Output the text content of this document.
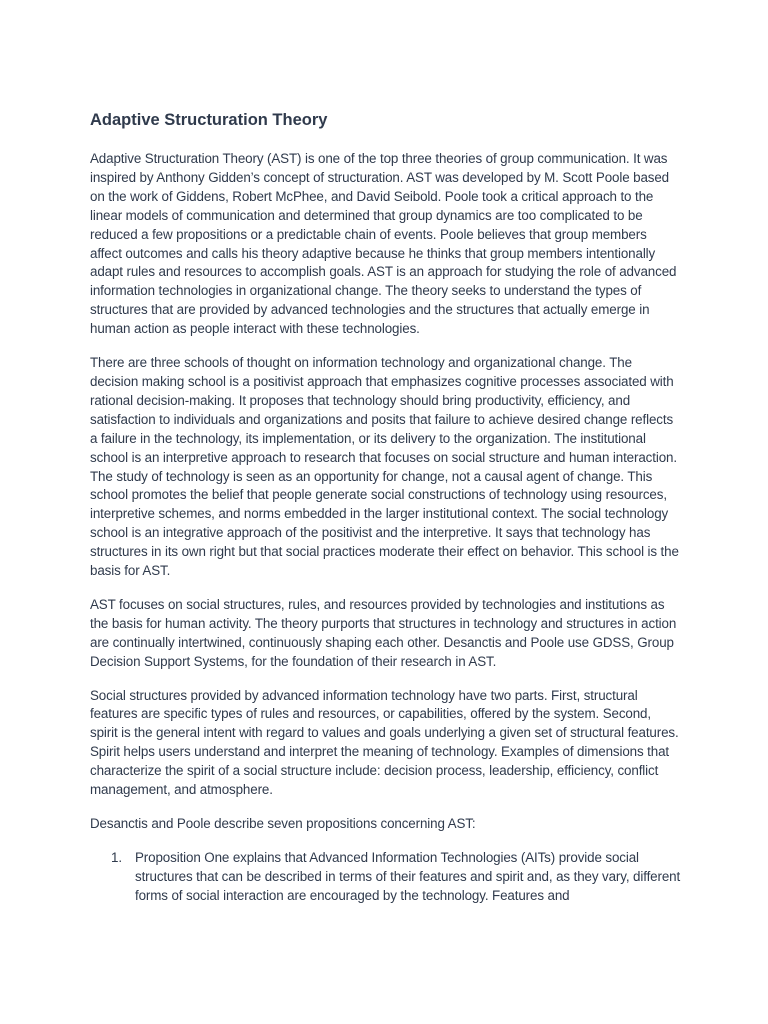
Adaptive Structuration Theory

Adaptive Structuration Theory (AST) is one of the top three theories of group communication. It was inspired by Anthony Gidden’s concept of structuration. AST was developed by M. Scott Poole based on the work of Giddens, Robert McPhee, and David Seibold. Poole took a critical approach to the linear models of communication and determined that group dynamics are too complicated to be reduced a few propositions or a predictable chain of events. Poole believes that group members affect outcomes and calls his theory adaptive because he thinks that group members intentionally adapt rules and resources to accomplish goals. AST is an approach for studying the role of advanced information technologies in organizational change. The theory seeks to understand the types of structures that are provided by advanced technologies and the structures that actually emerge in human action as people interact with these technologies.

There are three schools of thought on information technology and organizational change. The decision making school is a positivist approach that emphasizes cognitive processes associated with rational decision-making. It proposes that technology should bring productivity, efficiency, and satisfaction to individuals and organizations and posits that failure to achieve desired change reflects a failure in the technology, its implementation, or its delivery to the organization. The institutional school is an interpretive approach to research that focuses on social structure and human interaction. The study of technology is seen as an opportunity for change, not a causal agent of change. This school promotes the belief that people generate social constructions of technology using resources, interpretive schemes, and norms embedded in the larger institutional context. The social technology school is an integrative approach of the positivist and the interpretive. It says that technology has structures in its own right but that social practices moderate their effect on behavior. This school is the basis for AST.

AST focuses on social structures, rules, and resources provided by technologies and institutions as the basis for human activity. The theory purports that structures in technology and structures in action are continually intertwined, continuously shaping each other. Desanctis and Poole use GDSS, Group Decision Support Systems, for the foundation of their research in AST.

Social structures provided by advanced information technology have two parts. First, structural features are specific types of rules and resources, or capabilities, offered by the system. Second, spirit is the general intent with regard to values and goals underlying a given set of structural features. Spirit helps users understand and interpret the meaning of technology. Examples of dimensions that characterize the spirit of a social structure include: decision process, leadership, efficiency, conflict management, and atmosphere.

Desanctis and Poole describe seven propositions concerning AST:

1. Proposition One explains that Advanced Information Technologies (AITs) provide social structures that can be described in terms of their features and spirit and, as they vary, different forms of social interaction are encouraged by the technology. Features and
